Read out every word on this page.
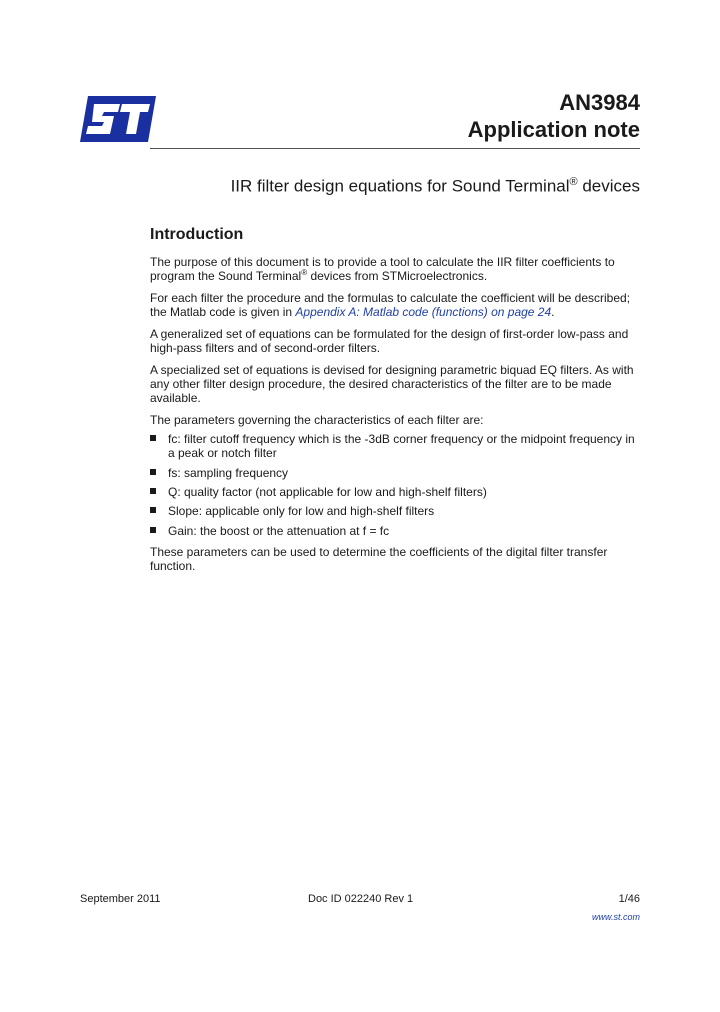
AN3984
Application note
IIR filter design equations for Sound Terminal® devices
Introduction

The purpose of this document is to provide a tool to calculate the IIR filter coefficients to
program the Sound Terminal® devices from STMicroelectronics.

For each filter the procedure and the formulas to calculate the coefficient will be described;
the Matlab code is given in Appendix A: Matlab code (functions) on page 24.

A generalized set of equations can be formulated for the design of first-order low-pass and high-pass filters and of second-order filters.

A specialized set of equations is devised for designing parametric biquad EQ filters. As with any other filter design procedure, the desired characteristics of the filter are to be made available.

The parameters governing the characteristics of each filter are:

fc: filter cutoff frequency which is the -3dB corner frequency or the midpoint frequency in a peak or notch filter
fs: sampling frequency
Q: quality factor (not applicable for low and high-shelf filters)
Slope: applicable only for low and high-shelf filters
Gain: the boost or the attenuation at f = fc

These parameters can be used to determine the coefficients of the digital filter transfer function.

September 2011	Doc ID 022240 Rev 1	1/46

www.st.com
